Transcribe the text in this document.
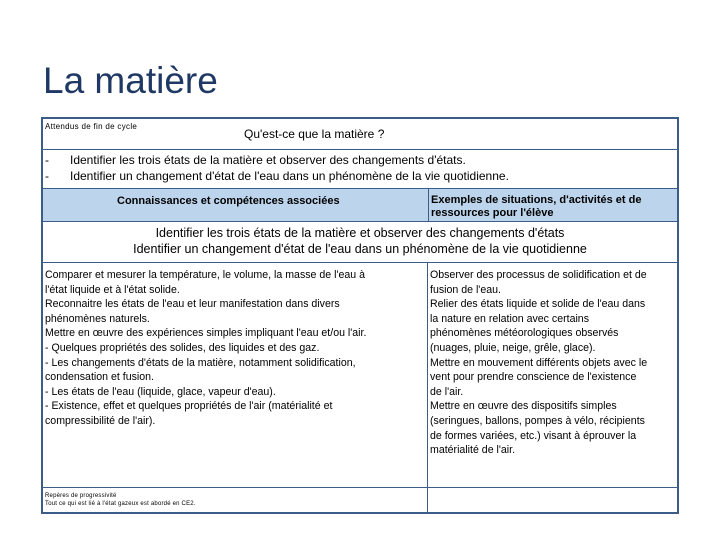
La matière
Attendus de fin de cycle
Qu'est-ce que la matière ?
- Identifier les trois états de la matière et observer des changements d'états.
- Identifier un changement d'état de l'eau dans un phénomène de la vie quotidienne.
Connaissances et compétences associées	Exemples de situations, d'activités et de
ressources pour l'élève
Identifier les trois états de la matière et observer des changements d'états
Identifier un changement d'état de l'eau dans un phénomène de la vie quotidienne
Comparer et mesurer la température, le volume, la masse de l'eau à
l'état liquide et à l'état solide.
Reconnaitre les états de l'eau et leur manifestation dans divers
phénomènes naturels.
Mettre en œuvre des expériences simples impliquant l'eau et/ou l'air.
- Quelques propriétés des solides, des liquides et des gaz.
- Les changements d'états de la matière, notamment solidification,
condensation et fusion.
- Les états de l'eau (liquide, glace, vapeur d'eau).
- Existence, effet et quelques propriétés de l'air (matérialité et
compressibilité de l'air).
Observer des processus de solidification et de
fusion de l'eau.
Relier des états liquide et solide de l'eau dans
la nature en relation avec certains
phénomènes météorologiques observés
(nuages, pluie, neige, grêle, glace).
Mettre en mouvement différents objets avec le
vent pour prendre conscience de l'existence
de l'air.
Mettre en œuvre des dispositifs simples
(seringues, ballons, pompes à vélo, récipients
de formes variées, etc.) visant à éprouver la
matérialité de l'air.
Repères de progressivité
Tout ce qui est lié à l'état gazeux est abordé en CE2.
